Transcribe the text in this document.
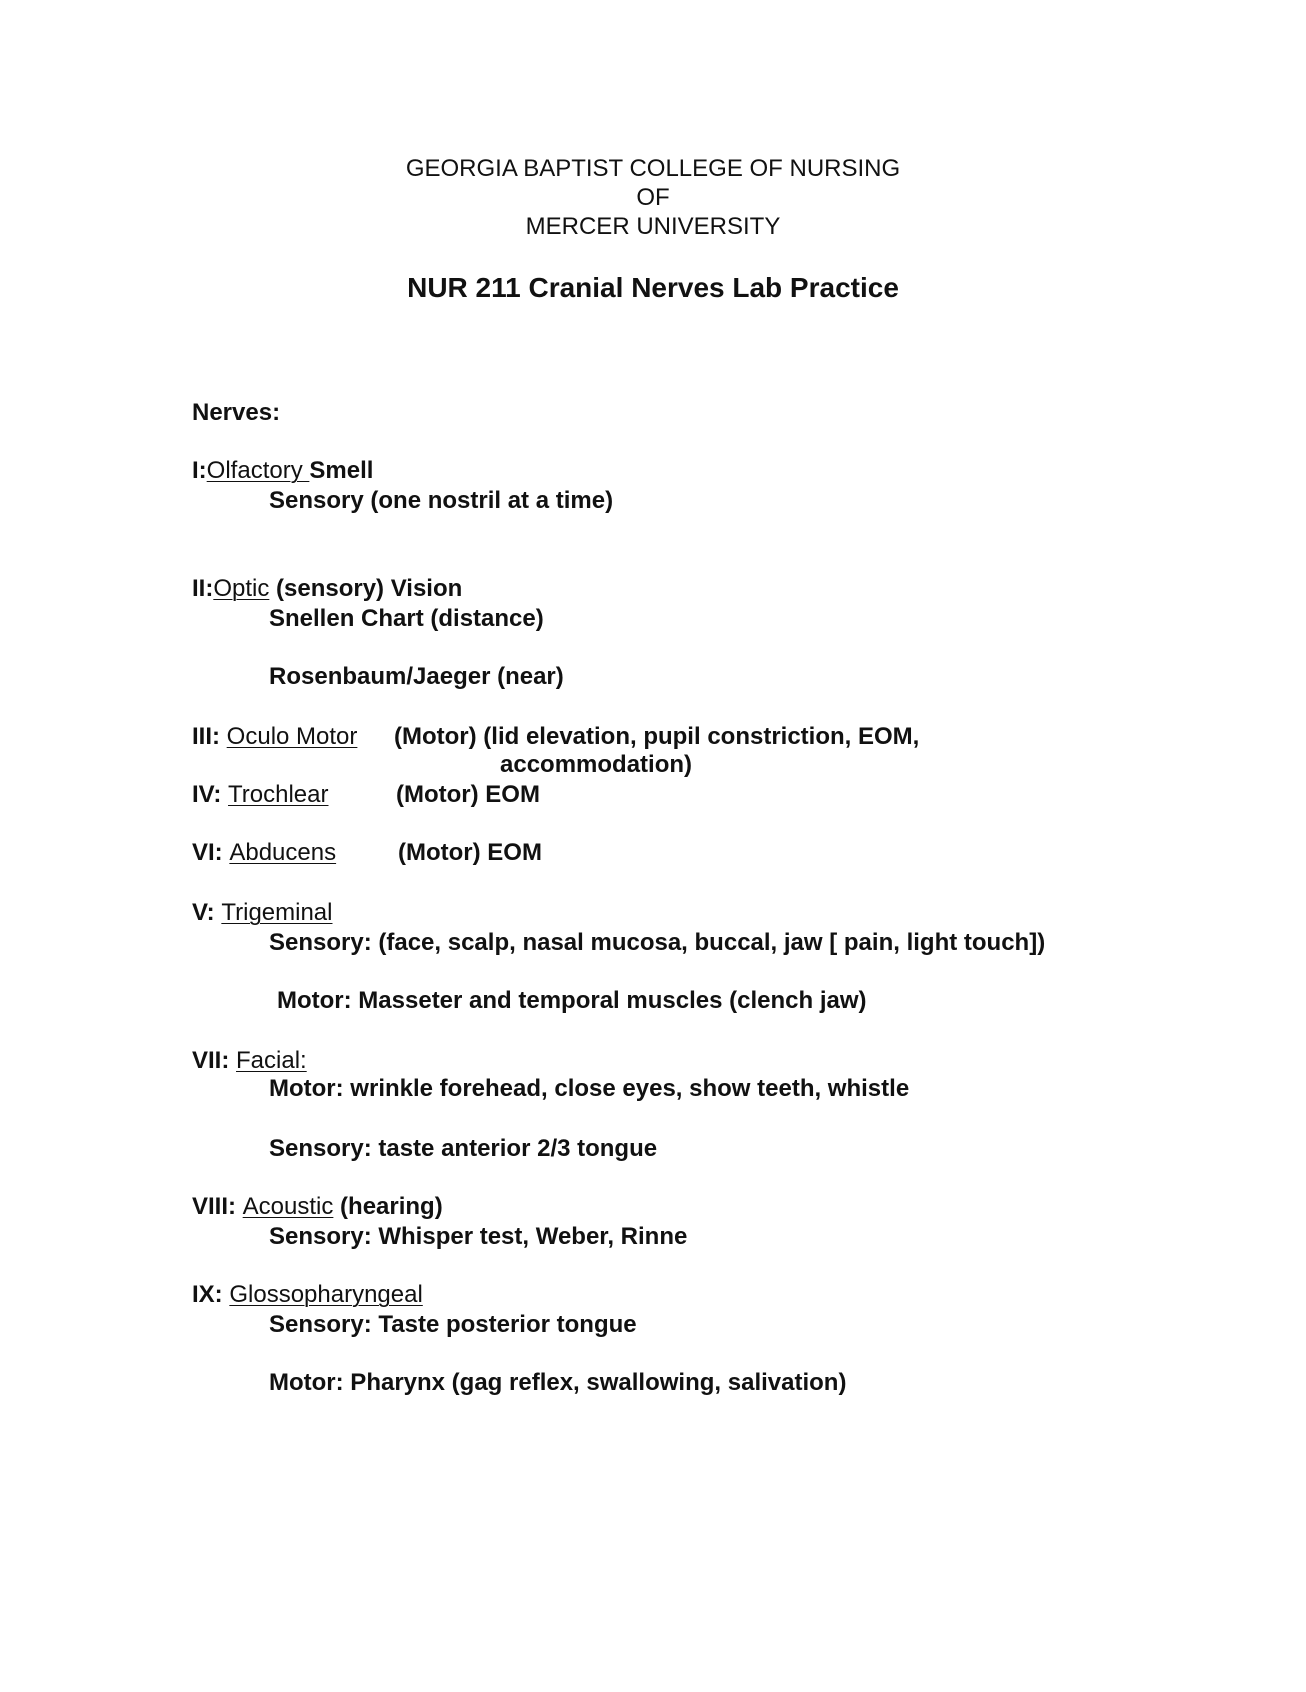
GEORGIA BAPTIST COLLEGE OF NURSING
OF
MERCER UNIVERSITY
NUR 211 Cranial Nerves Lab Practice
Nerves:
I:Olfactory Smell
Sensory (one nostril at a time)
II:Optic (sensory) Vision
Snellen Chart (distance)
Rosenbaum/Jaeger (near)
III: Oculo Motor (Motor) (lid elevation, pupil constriction, EOM,
accommodation)
IV: Trochlear	(Motor) EOM
VI: Abducens	(Motor) EOM
V: Trigeminal
Sensory: (face, scalp, nasal mucosa, buccal, jaw [ pain, light touch])
Motor: Masseter and temporal muscles (clench jaw)
VII: Facial:
Motor: wrinkle forehead, close eyes, show teeth, whistle
Sensory: taste anterior 2/3 tongue
VIII: Acoustic (hearing)
Sensory: Whisper test, Weber, Rinne
IX: Glossopharyngeal
Sensory: Taste posterior tongue
Motor: Pharynx (gag reflex, swallowing, salivation)
